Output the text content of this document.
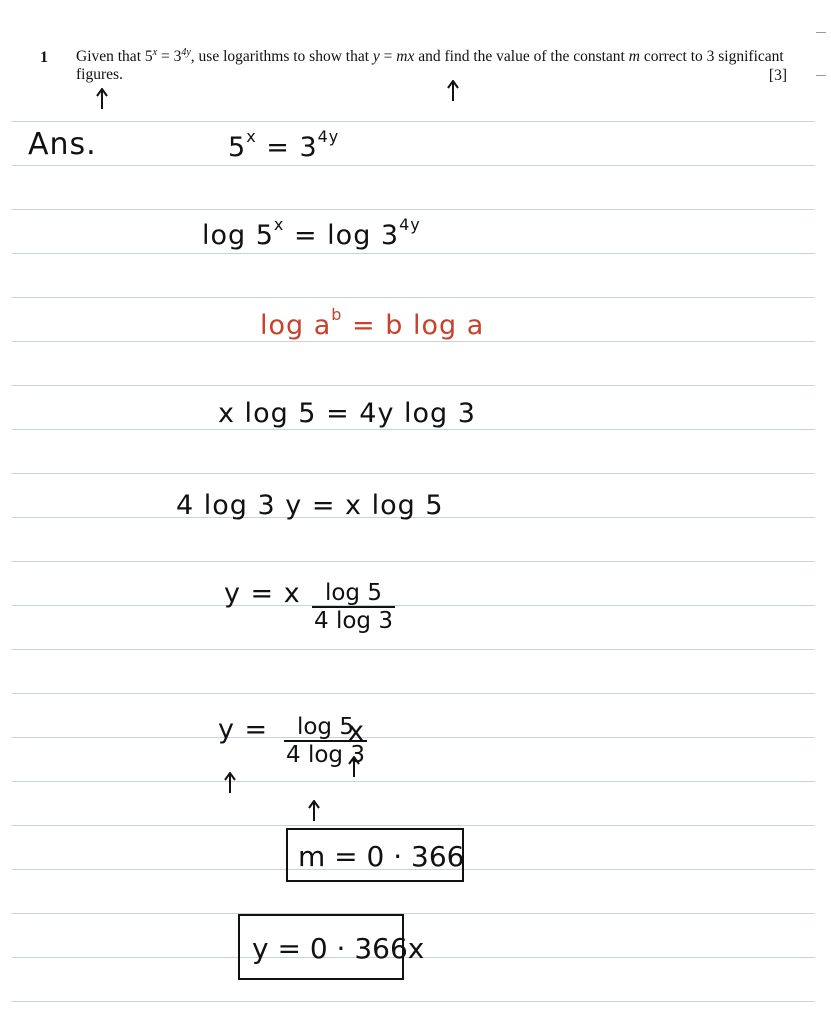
1 Given that $5^x = 3^{4y}$, use logarithms to show that y = mx and find the value of the constant m correct to 3 significant figures.	[3]
Ans.	$5^x = 3^{4y}$
$\log 5^x = \log 3^{4y}$
$\log a^b = b$ log a
x log 5 = 4y log 3
4 log 3 y = x log 5
y = x $\frac{\log 5}{4 \log 3}$
$y = \frac{\log 5}{4 \log 3}$
x
m = 0 · 366
y = 0 · 366x
